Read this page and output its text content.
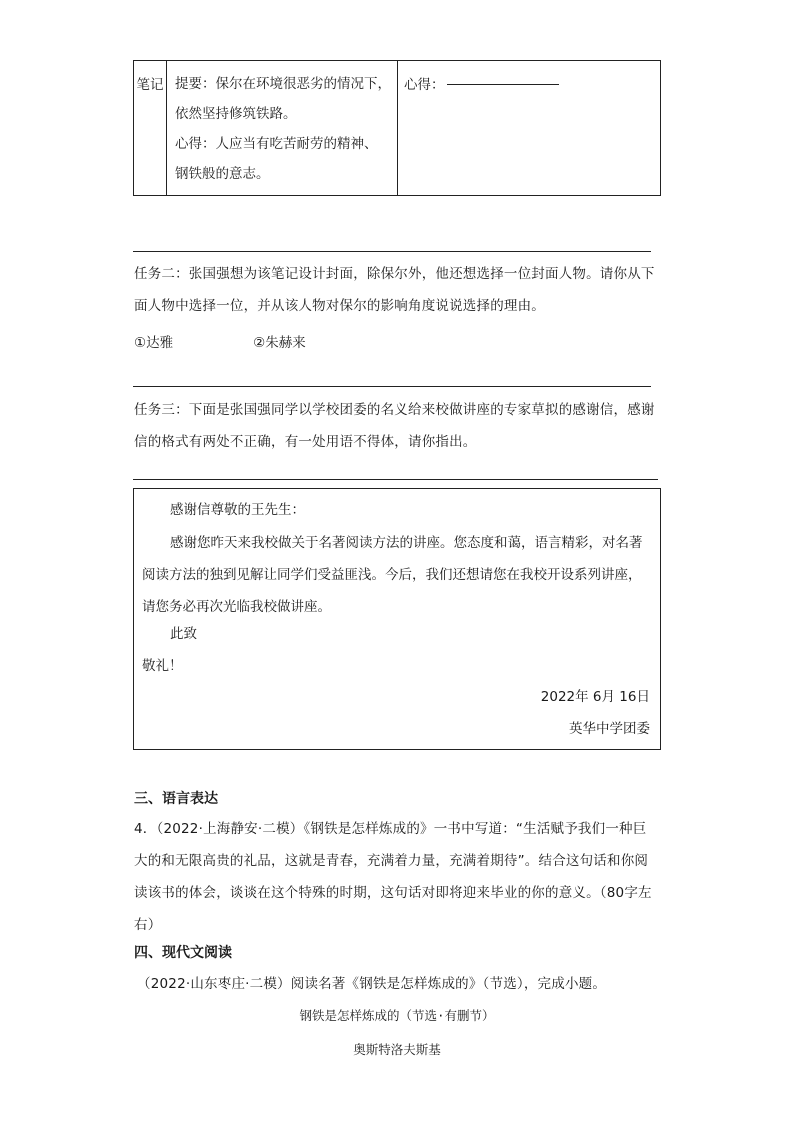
笔记 提要：保尔在环境很恶劣的情况下，
依然坚持修筑铁路。
心得：人应当有吃苦耐劳的精神、
钢铁般的意志。
心得：
任务二：张国强想为该笔记设计封面，除保尔外，他还想选择一位封面人物。请你从下面人物中选择一位，并从该人物对保尔的影响角度说说选择的理由。
①达雅	②朱赫来
任务三：下面是张国强同学以学校团委的名义给来校做讲座的专家草拟的感谢信，感谢信的格式有两处不正确，有一处用语不得体，请你指出。
感谢信尊敬的王先生：
感谢您昨天来我校做关于名著阅读方法的讲座。您态度和蔼，语言精彩，对名著阅读方法的独到见解让同学们受益匪浅。今后，我们还想请您在我校开设系列讲座，请您务必再次光临我校做讲座。
此致
敬礼！
2022年 6月 16日
英华中学团委
三、语言表达
4．（2022·上海静安·二模）《钢铁是怎样炼成的》一书中写道：“生活赋予我们一种巨大的和无限高贵的礼品，这就是青春，充满着力量，充满着期待”。结合这句话和你阅读该书的体会，谈谈在这个特殊的时期，这句话对即将迎来毕业的你的意义。（80字左右）
四、现代文阅读
（2022·山东枣庄·二模）阅读名著《钢铁是怎样炼成的》（节选），完成小题。
钢铁是怎样炼成的（节选·有删节）
奥斯特洛夫斯基
